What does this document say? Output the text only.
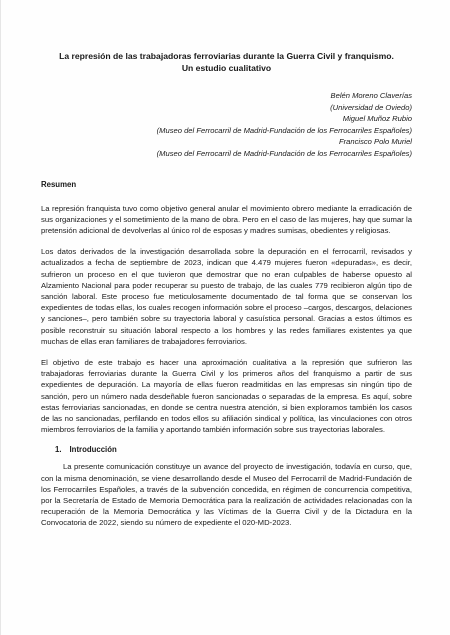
La represión de las trabajadoras ferroviarias durante la Guerra Civil y franquismo.
Un estudio cualitativo
Belén Moreno Claverías
(Universidad de Oviedo)
Miguel Muñoz Rubio
(Museo del Ferrocarril de Madrid-Fundación de los Ferrocarriles Españoles)
Francisco Polo Muriel
(Museo del Ferrocarril de Madrid-Fundación de los Ferrocarriles Españoles)
Resumen

La represión franquista tuvo como objetivo general anular el movimiento obrero mediante la erradicación de sus organizaciones y el sometimiento de la mano de obra. Pero en el caso de las mujeres, hay que sumar la pretensión adicional de devolverlas al único rol de esposas y madres sumisas, obedientes y religiosas.

Los datos derivados de la investigación desarrollada sobre la depuración en el ferrocarril, revisados y actualizados a fecha de septiembre de 2023, indican que 4.479 mujeres fueron «depuradas», es decir, sufrieron un proceso en el que tuvieron que demostrar que no eran culpables de haberse opuesto al Alzamiento Nacional para poder recuperar su puesto de trabajo, de las cuales 779 recibieron algún tipo de sanción laboral. Este proceso fue meticulosamente documentado de tal forma que se conservan los expedientes de todas ellas, los cuales recogen información sobre el proceso –cargos, descargos, delaciones y sanciones–, pero también sobre su trayectoria laboral y casuística personal. Gracias a estos últimos es posible reconstruir su situación laboral respecto a los hombres y las redes familiares existentes ya que muchas de ellas eran familiares de trabajadores ferroviarios.

El objetivo de este trabajo es hacer una aproximación cualitativa a la represión que sufrieron las trabajadoras ferroviarias durante la Guerra Civil y los primeros años del franquismo a partir de sus expedientes de depuración. La mayoría de ellas fueron readmitidas en las empresas sin ningún tipo de sanción, pero un número nada desdeñable fueron sancionadas o separadas de la empresa. Es aquí, sobre estas ferroviarias sancionadas, en donde se centra nuestra atención, si bien exploramos también los casos de las no sancionadas, perfilando en todos ellos su afiliación sindical y política, las vinculaciones con otros miembros ferroviarios de la familia y aportando también información sobre sus trayectorias laborales.

1. Introducción

La presente comunicación constituye un avance del proyecto de investigación, todavía en curso, que, con la misma denominación, se viene desarrollando desde el Museo del Ferrocarril de Madrid-Fundación de los Ferrocarriles Españoles, a través de la subvención concedida, en régimen de concurrencia competitiva, por la Secretaría de Estado de Memoria Democrática para la realización de actividades relacionadas con la recuperación de la Memoria Democrática y las Víctimas de la Guerra Civil y de la Dictadura en la Convocatoria de 2022, siendo su número de expediente el 020-MD-2023.
